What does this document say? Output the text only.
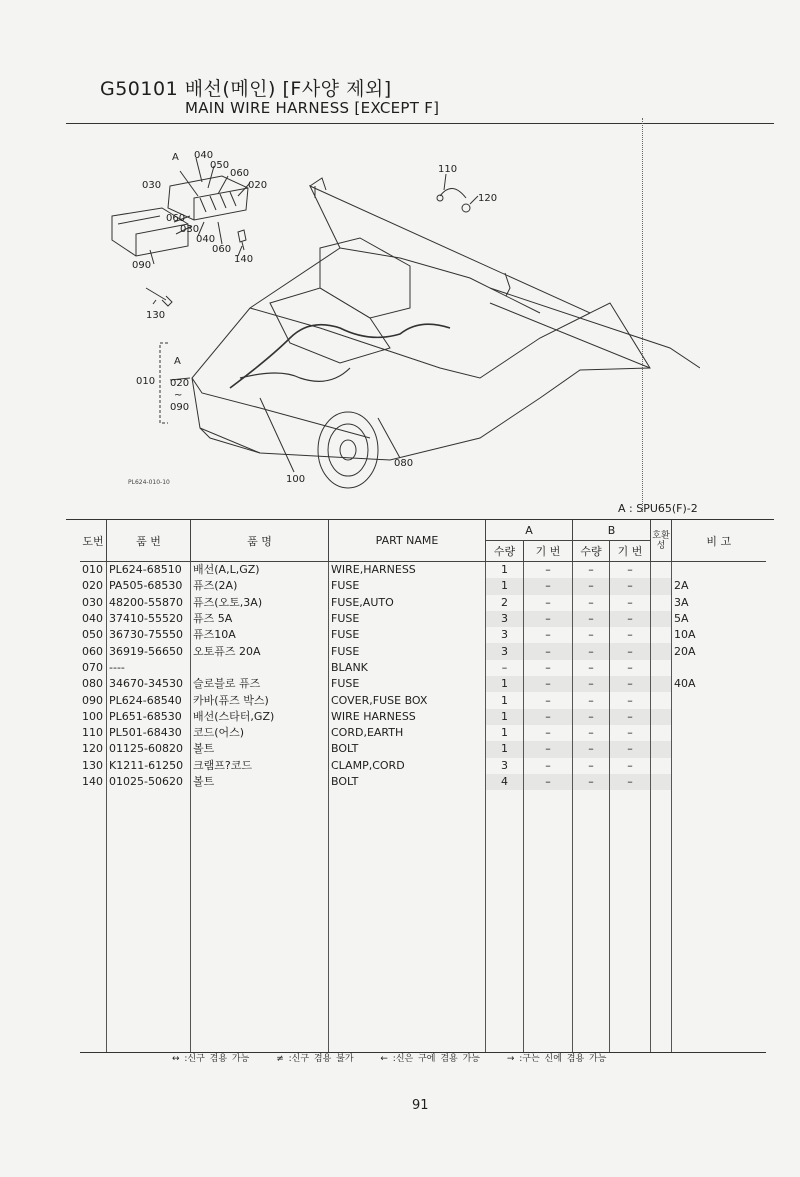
G50101 배선(메인) [F사양 제외]
MAIN WIRE HARNESS [EXCEPT F]
A 040
050
060
020
030
060
030
040
060
140
090
110
120
130
A
010 020
~
090
100
080
PL624-010-10
A : SPU65(F)-2
도번	품 번	품 명	PART NAME	A		B		호환성	비 고
				수량	기 번	수량	기 번		
010	PL624-68510	배선(A,L,GZ)	WIRE,HARNESS	1	–	–	–		
020	PA505-68530	퓨즈(2A)	FUSE	1	–	–	–		2A
030	48200-55870	퓨즈(오토,3A)	FUSE,AUTO	2	–	–	–		3A
040	37410-55520	퓨즈 5A	FUSE	3	–	–	–		5A
050	36730-75550	퓨즈10A	FUSE	3	–	–	–		10A
060	36919-56650	오토퓨즈 20A	FUSE	3	–	–	–		20A
070	----		BLANK	–	–	–	–		
080	34670-34530	슬로블로 퓨즈	FUSE	1	–	–	–		40A
090	PL624-68540	카바(퓨즈 박스)	COVER,FUSE BOX	1	–	–	–		
100	PL651-68530	배선(스타터,GZ)	WIRE HARNESS	1	–	–	–		
110	PL501-68430	코드(어스)	CORD,EARTH	1	–	–	–		
120	01125-60820	볼트	BOLT	1	–	–	–		
130	K1211-61250	크램프?코드	CLAMP,CORD	3	–	–	–		
140	01025-50620	볼트	BOLT	4	–	–	–		

↔ :신구 겸용 가능	≠ :신구 겸용 불가	← :신은 구에 겸용 가능	→ :구는 신에 겸용 가능
91
